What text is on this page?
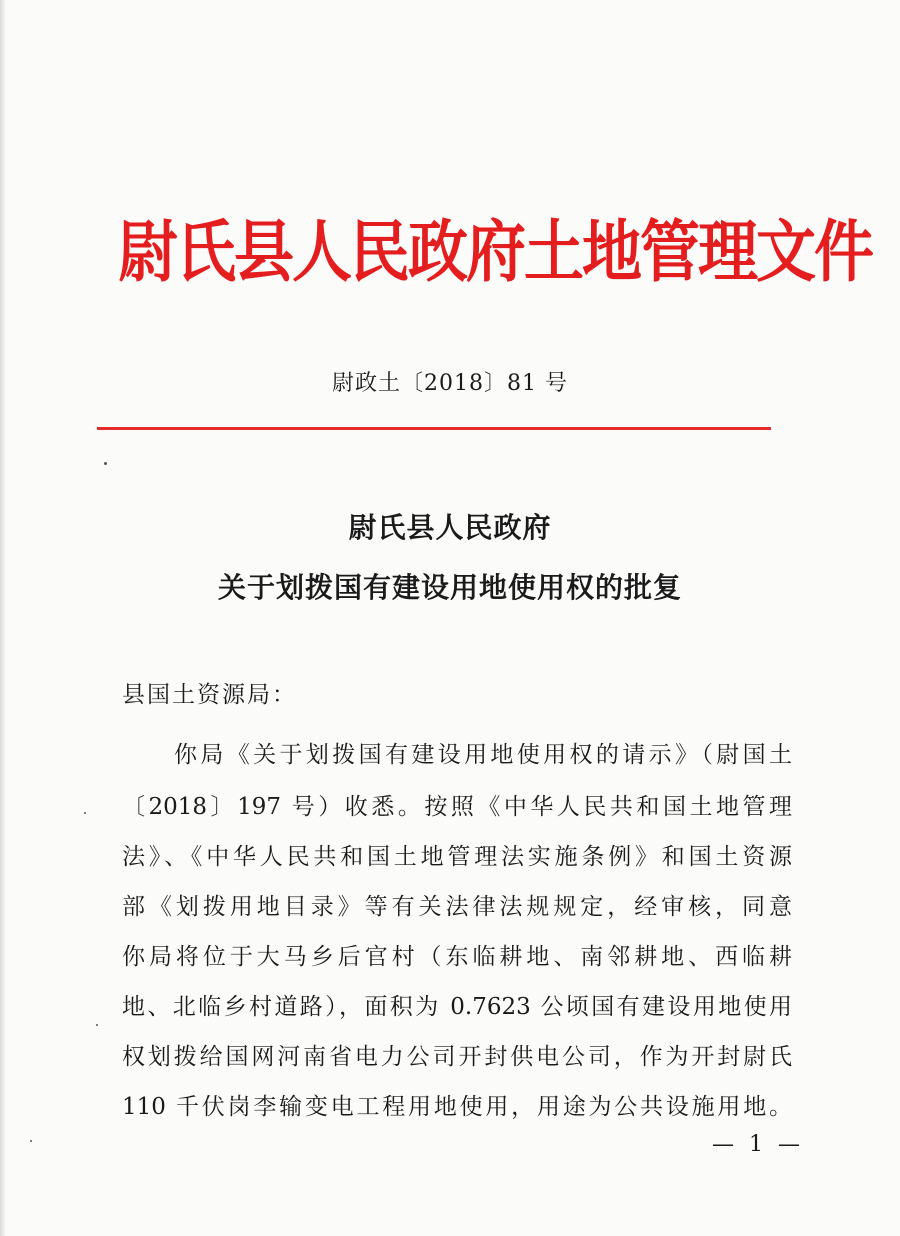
尉氏县人民政府土地管理文件
尉政土〔2018〕81 号
尉氏县人民政府
关于划拨国有建设用地使用权的批复
县国土资源局：
你局《关于划拨国有建设用地使用权的请示》（尉国土
〔2018〕197 号）收悉。按照《中华人民共和国土地管理
法》、《中华人民共和国土地管理法实施条例》和国土资源
部《划拨用地目录》等有关法律法规规定，经审核，同意
你局将位于大马乡后官村（东临耕地、南邻耕地、西临耕
地、北临乡村道路），面积为 0.7623 公顷国有建设用地使用
权划拨给国网河南省电力公司开封供电公司，作为开封尉氏
110 千伏岗李输变电工程用地使用，用途为公共设施用地。
— 1 —
